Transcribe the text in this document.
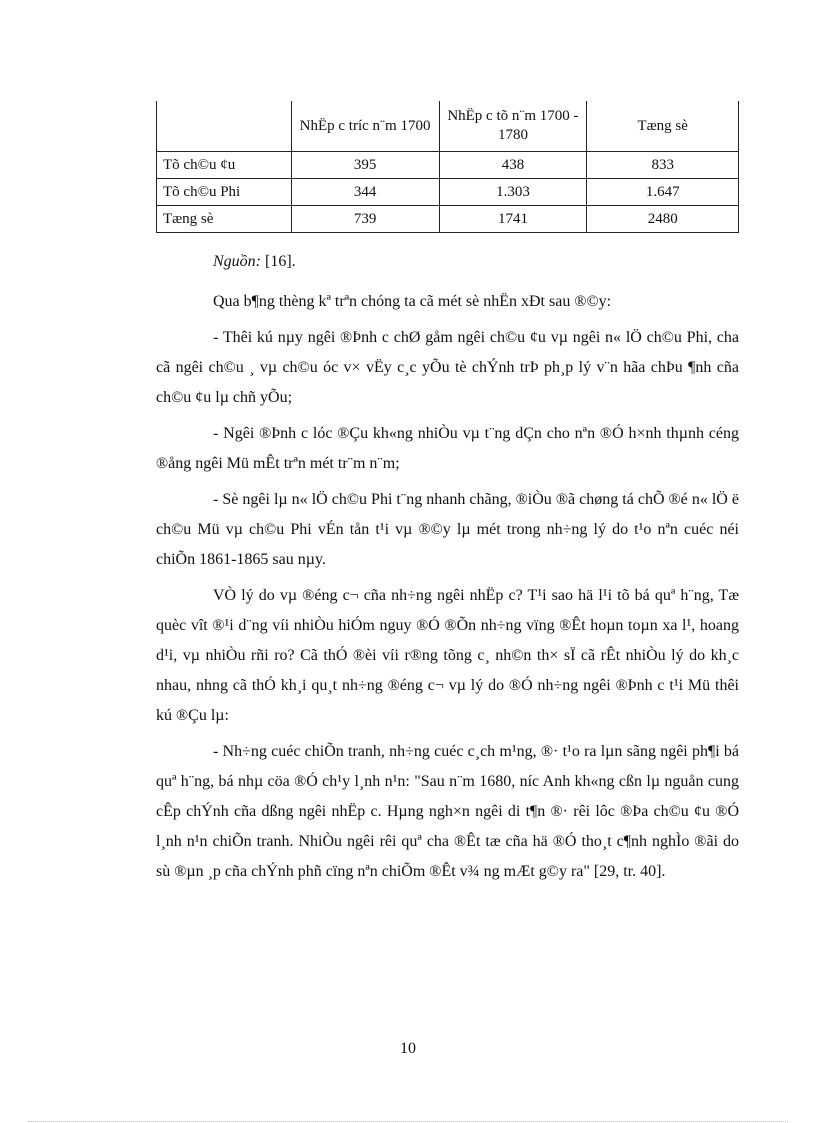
	NhËp c tríc n¨m 1700	NhËp c tõ n¨m 1700 - 1780	Tæng sè
Tõ ch©u ¢u	395	438	833
Tõ ch©u Phi	344	1.303	1.647
Tæng sè	739	1741	2480
Nguồn: [16].

Qua b¶ng thèng kª trªn chóng ta cã mét sè nhËn xÐt sau ®©y:

- Thêi kú nµy ngêi ®Þnh c chØ gåm ngêi ch©u ¢u vµ ngêi n« lÖ ch©u Phi, cha cã ngêi ch©u ¸ vµ ch©u óc v× vËy c¸c yÕu tè chÝnh trÞ ph¸p lý v¨n hãa chÞu ¶nh cña ch©u ¢u lµ chñ yÕu;

- Ngêi ®Þnh c lóc ®Çu kh«ng nhiÒu vµ t¨ng dÇn cho nªn ®Ó h×nh thµnh céng ®ång ngêi Mü mÊt trªn mét tr¨m n¨m;

- Sè ngêi lµ n« lÖ ch©u Phi t¨ng nhanh chãng, ®iÒu ®ã chøng tá chÕ ®é n« lÖ ë ch©u Mü vµ ch©u Phi vÉn tån t¹i vµ ®©y lµ mét trong nh÷ng lý do t¹o nªn cuéc néi chiÕn 1861-1865 sau nµy.

VÒ lý do vµ ®éng c¬ cña nh÷ng ngêi nhËp c? T¹i sao hä l¹i tõ bá quª h¨ng, Tæ quèc vît ®¹i d¨ng víi nhiÒu hiÓm nguy ®Ó ®Õn nh÷ng vïng ®Êt hoµn toµn xa l¹, hoang d¹i, vµ nhiÒu rñi ro? Cã thÓ ®èi víi r®ng tõng c¸ nh©n th× sÏ cã rÊt nhiÒu lý do kh¸c nhau, nhng cã thÓ kh¸i qu¸t nh÷ng ®éng c¬ vµ lý do ®Ó nh÷ng ngêi ®Þnh c t¹i Mü thêi kú ®Çu lµ:

- Nh÷ng cuéc chiÕn tranh, nh÷ng cuéc c¸ch m¹ng, ®· t¹o ra lµn sãng ngêi ph¶i bá quª h¨ng, bá nhµ cöa ®Ó ch¹y l¸nh n¹n: "Sau n¨m 1680, níc Anh kh«ng cßn lµ nguån cung cÊp chÝnh cña dßng ngêi nhËp c. Hµng ngh×n ngêi di t¶n ®· rêi lôc ®Þa ch©u ¢u ®Ó l¸nh n¹n chiÕn tranh. NhiÒu ngêi rêi quª cha ®Êt tæ cña hä ®Ó tho¸t c¶nh nghÌo ®ãi do sù ®µn ¸p cña chÝnh phñ cïng nªn chiÕm ®Êt v¾ ng mÆt g©y ra" [29, tr. 40].

10
